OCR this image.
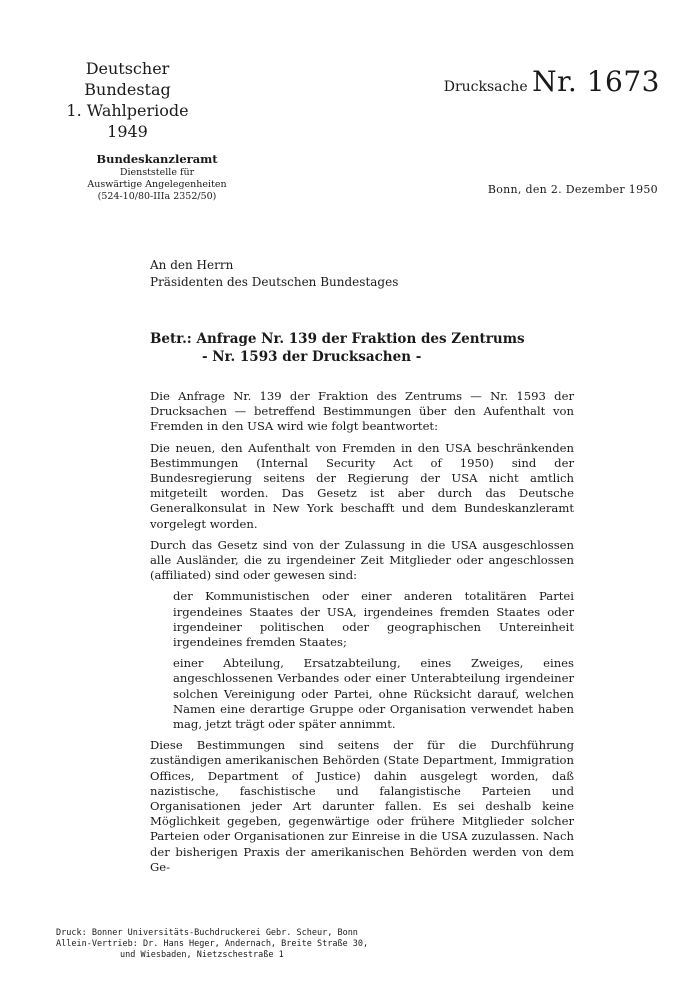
Deutscher Bundestag
1. Wahlperiode
1949
Drucksache Nr. 1673
Bundeskanzleramt
Dienststelle für
Auswärtige Angelegenheiten
(524-10/80-IIIa 2352/50)
Bonn, den 2. Dezember 1950
An den Herrn
Präsidenten des Deutschen Bundestages
Betr.: Anfrage Nr. 139 der Fraktion des Zentrums
- Nr. 1593 der Drucksachen -

Die Anfrage Nr. 139 der Fraktion des Zentrums — Nr. 1593 der Drucksachen — betreffend Bestimmungen über den Aufenthalt von Fremden in den USA wird wie folgt beantwortet:

Die neuen, den Aufenthalt von Fremden in den USA beschränkenden Bestimmungen (Internal Security Act of 1950) sind der Bundesregierung seitens der Regierung der USA nicht amtlich mitgeteilt worden. Das Gesetz ist aber durch das Deutsche Generalkonsulat in New York beschafft und dem Bundeskanzleramt vorgelegt worden.

Durch das Gesetz sind von der Zulassung in die USA ausgeschlossen alle Ausländer, die zu irgendeiner Zeit Mitglieder oder angeschlossen (affiliated) sind oder gewesen sind:

der Kommunistischen oder einer anderen totalitären Partei irgendeines Staates der USA, irgendeines fremden Staates oder irgendeiner politischen oder geographischen Untereinheit irgendeines fremden Staates;

einer Abteilung, Ersatzabteilung, eines Zweiges, eines angeschlossenen Verbandes oder einer Unterabteilung irgendeiner solchen Vereinigung oder Partei, ohne Rücksicht darauf, welchen Namen eine derartige Gruppe oder Organisation verwendet haben mag, jetzt trägt oder später annimmt.

Diese Bestimmungen sind seitens der für die Durchführung zuständigen amerikanischen Behörden (State Department, Immigration Offices, Department of Justice) dahin ausgelegt worden, daß nazistische, faschistische und falangistische Parteien und Organisationen jeder Art darunter fallen. Es sei deshalb keine Möglichkeit gegeben, gegenwärtige oder frühere Mitglieder solcher Parteien oder Organisationen zur Einreise in die USA zuzulassen. Nach der bisherigen Praxis der amerikanischen Behörden werden von dem Ge-

Druck: Bonner Universitäts-Buchdruckerei Gebr. Scheur, Bonn
Allein-Vertrieb: Dr. Hans Heger, Andernach, Breite Straße 30,
und Wiesbaden, Nietzschestraße 1
